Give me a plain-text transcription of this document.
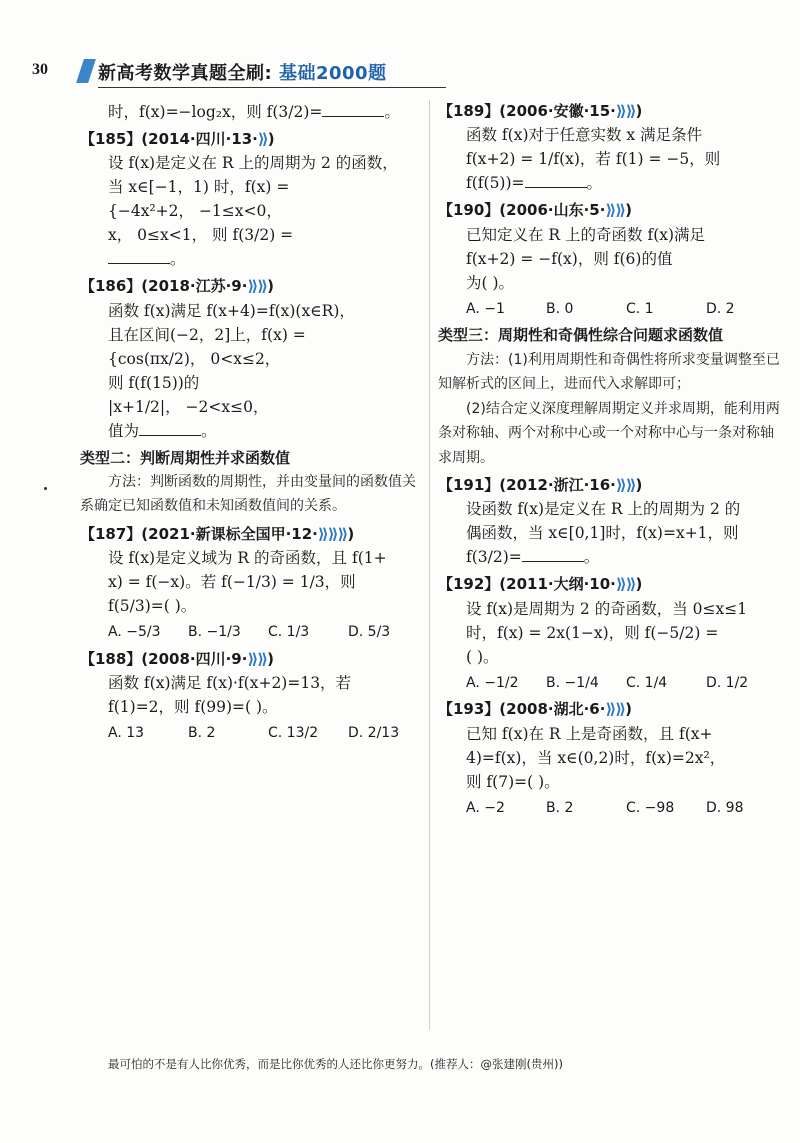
30	新高考数学真题全刷: 基础2000题
时，f(x)=−log₂x，则 f(3/2)=	。
【185】(2014·四川·13·⟫)
设 f(x)是定义在 R 上的周期为 2 的函数，
当 x∈[−1，1) 时，f(x) =
{−4x²+2， −1≤x<0，
x， 0≤x<1， 则 f(3/2) =
。
【186】(2018·江苏·9·⟫⟫)
函数 f(x)满足 f(x+4)=f(x)(x∈R)，
且在区间(−2，2]上，f(x) =
{cos(πx/2)， 0<x≤2，
则 f(f(15))的
|x+1/2|， −2<x≤0，
值为	。
类型二：判断周期性并求函数值
方法：判断函数的周期性，并由变量间的函数值关系确定已知函数值和未知函数值间的关系。
【187】(2021·新课标全国甲·12·⟫⟫⟫)
设 f(x)是定义域为 R 的奇函数，且 f(1+
x) = f(−x)。若 f(−1/3) = 1/3，则
f(5/3)=( )。
A. −5/3	B. −1/3	C. 1/3	D. 5/3
【188】(2008·四川·9·⟫⟫)
函数 f(x)满足 f(x)·f(x+2)=13，若
f(1)=2，则 f(99)=( )。
A. 13	B. 2	C. 13/2	D. 2/13
【189】(2006·安徽·15·⟫⟫)
函数 f(x)对于任意实数 x 满足条件
f(x+2) = 1/f(x)，若 f(1) = −5，则
f(f(5))=	。
【190】(2006·山东·5·⟫⟫)
已知定义在 R 上的奇函数 f(x)满足
f(x+2) = −f(x)，则 f(6)的值
为( )。
A. −1	B. 0	C. 1	D. 2
类型三：周期性和奇偶性综合问题求函数值
方法：(1)利用周期性和奇偶性将所求变量调整至已知解析式的区间上，进而代入求解即可；
(2)结合定义深度理解周期定义并求周期，能利用两条对称轴、两个对称中心或一个对称中心与一条对称轴求周期。
【191】(2012·浙江·16·⟫⟫)
设函数 f(x)是定义在 R 上的周期为 2 的
偶函数，当 x∈[0,1]时，f(x)=x+1，则
f(3/2)=	。
【192】(2011·大纲·10·⟫⟫)
设 f(x)是周期为 2 的奇函数，当 0≤x≤1
时，f(x) = 2x(1−x)，则 f(−5/2) =
( )。
A. −1/2	B. −1/4	C. 1/4	D. 1/2
【193】(2008·湖北·6·⟫⟫)
已知 f(x)在 R 上是奇函数，且 f(x+
4)=f(x)，当 x∈(0,2)时，f(x)=2x²，
则 f(7)=( )。
A. −2	B. 2	C. −98	D. 98
最可怕的不是有人比你优秀，而是比你优秀的人还比你更努力。(推荐人：@张建刚(贵州))
